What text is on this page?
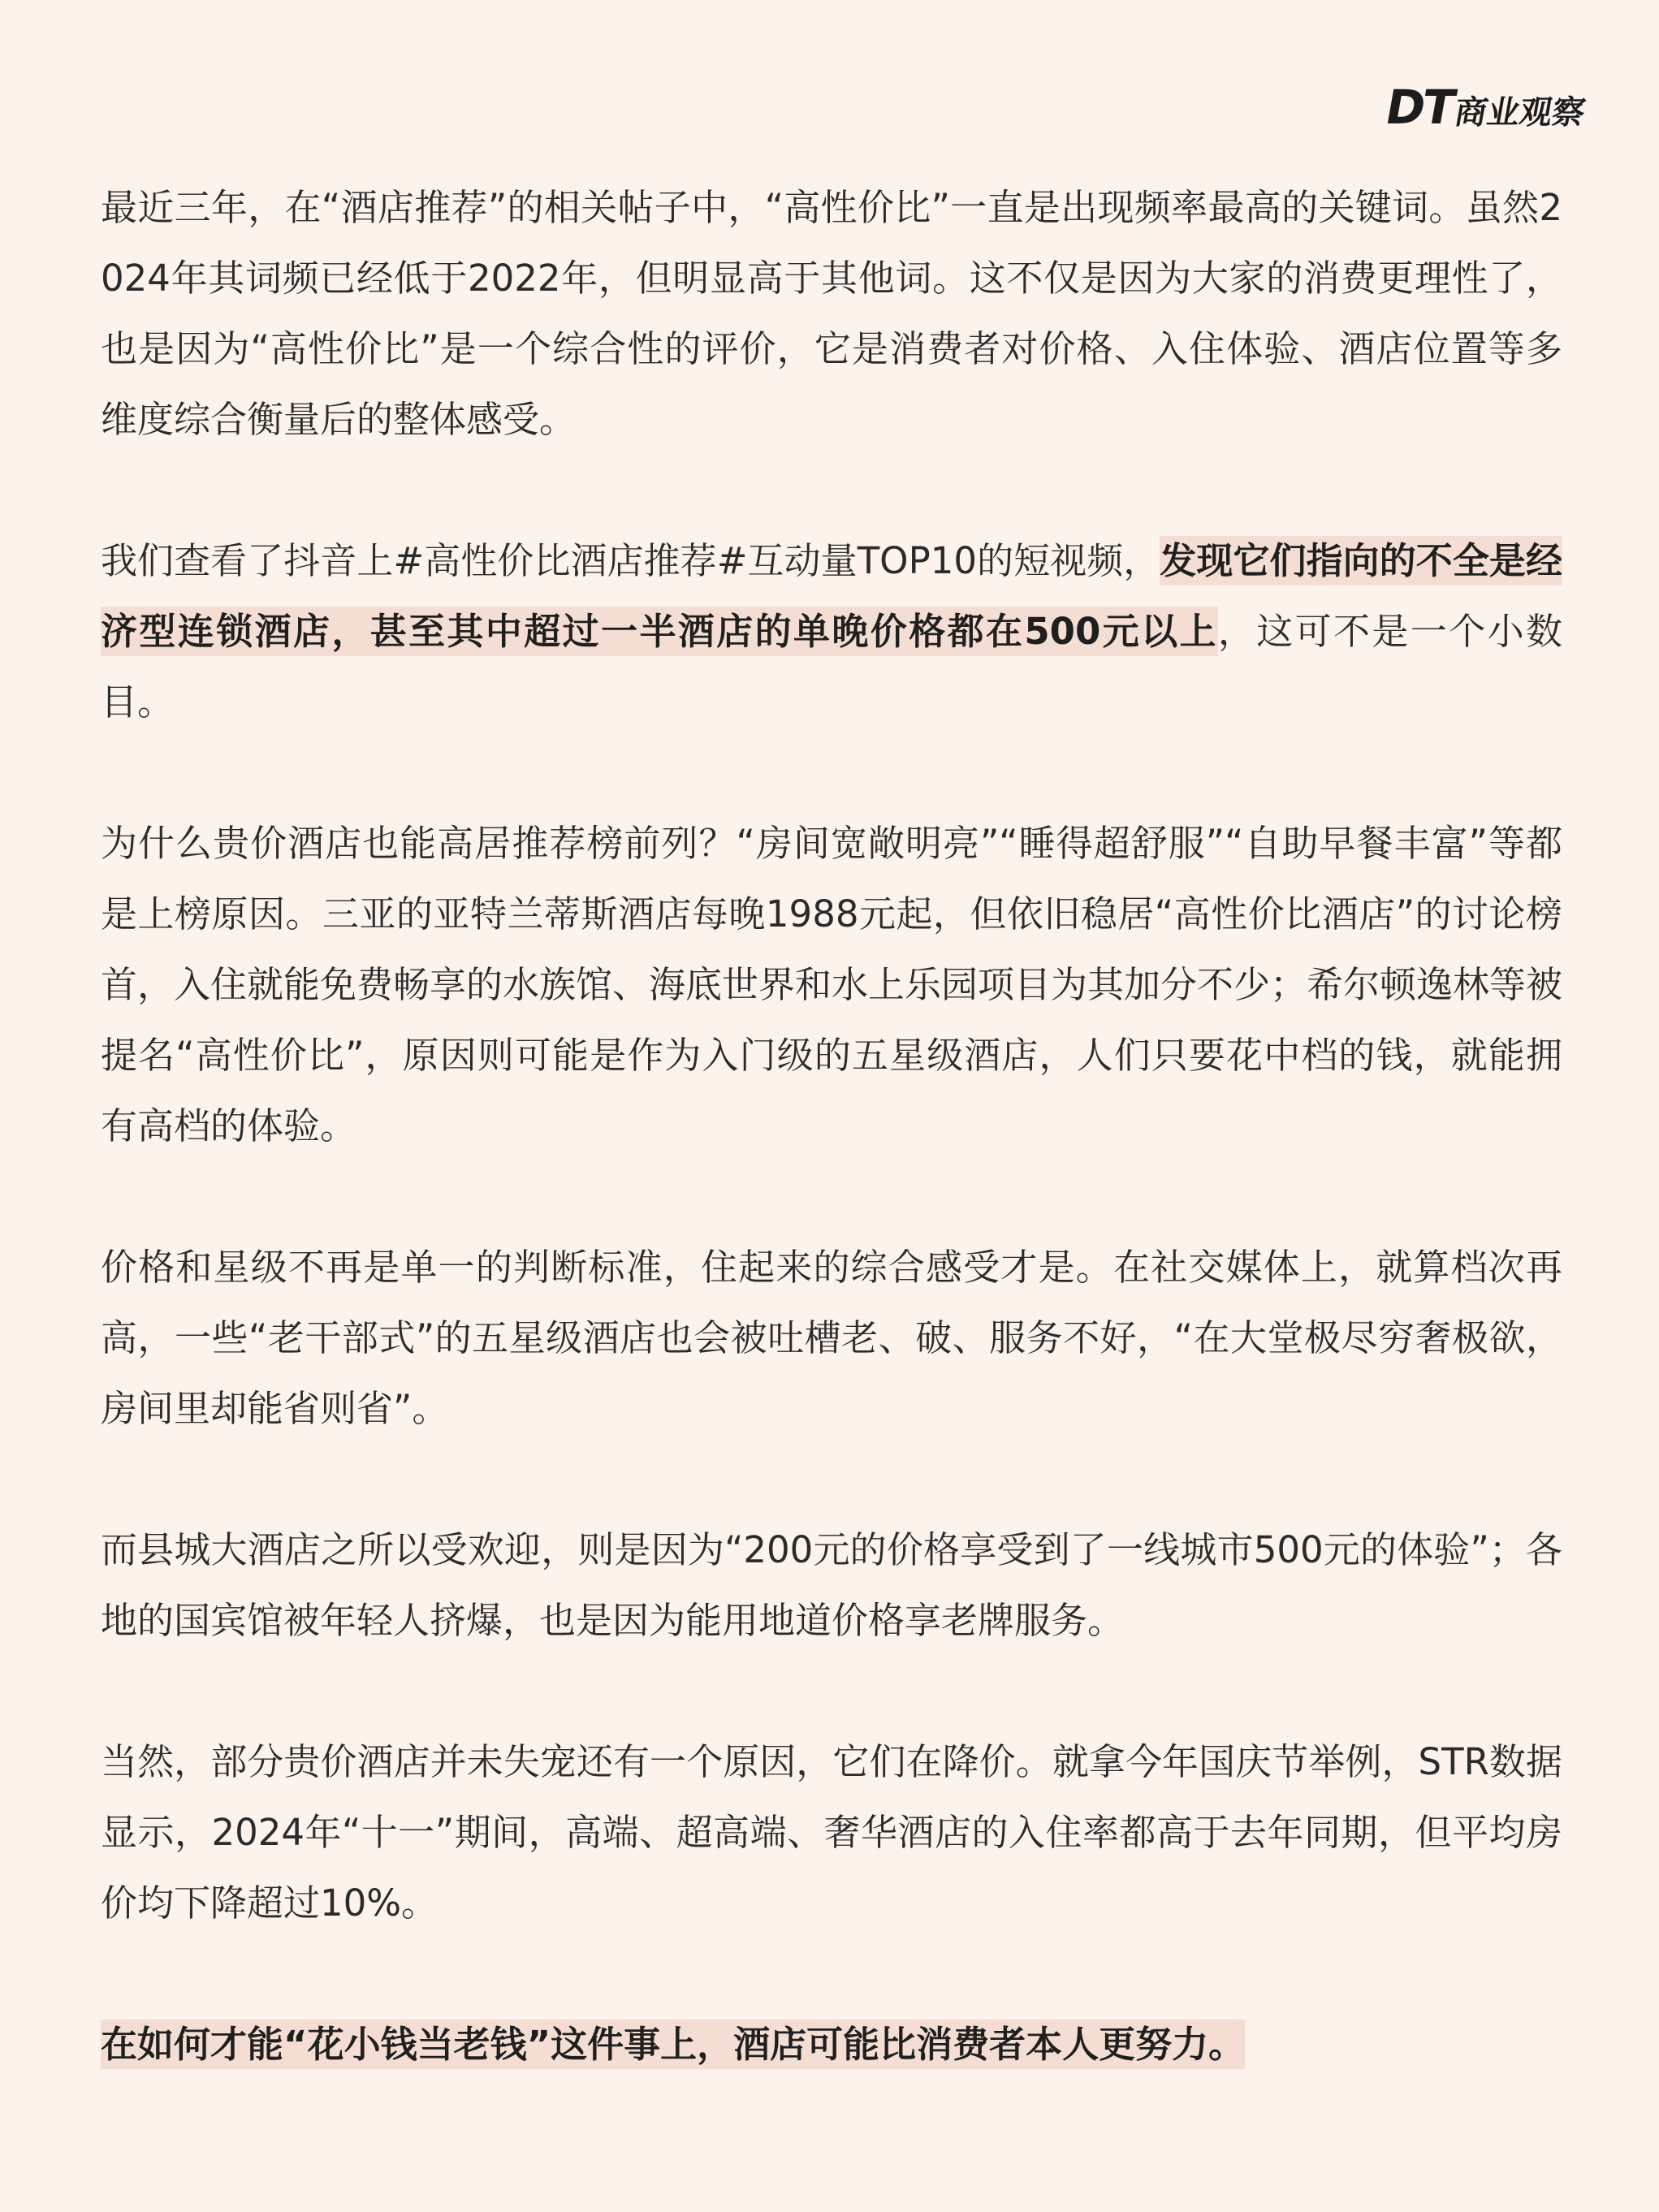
DT
商业观察

最近三年，在“酒店推荐”的相关帖子中，“高性价比”一直是出现频率最高的关键词。虽然2024年其词频已经低于2022年，但明显高于其他词。这不仅是因为大家的消费更理性了，也是因为“高性价比”是一个综合性的评价，它是消费者对价格、入住体验、酒店位置等多维度综合衡量后的整体感受。

我们查看了抖音上#高性价比酒店推荐#互动量TOP10的短视频，发现它们指向的不全是经济型连锁酒店，甚至其中超过一半酒店的单晚价格都在500元以上，这可不是一个小数目。

为什么贵价酒店也能高居推荐榜前列？“房间宽敞明亮”“睡得超舒服”“自助早餐丰富”等都是上榜原因。三亚的亚特兰蒂斯酒店每晚1988元起，但依旧稳居“高性价比酒店”的讨论榜首，入住就能免费畅享的水族馆、海底世界和水上乐园项目为其加分不少；希尔顿逸林等被提名“高性价比”，原因则可能是作为入门级的五星级酒店，人们只要花中档的钱，就能拥有高档的体验。

价格和星级不再是单一的判断标准，住起来的综合感受才是。在社交媒体上，就算档次再高，一些“老干部式”的五星级酒店也会被吐槽老、破、服务不好，“在大堂极尽穷奢极欲，房间里却能省则省”。

而县城大酒店之所以受欢迎，则是因为“200元的价格享受到了一线城市500元的体验”；各地的国宾馆被年轻人挤爆，也是因为能用地道价格享老牌服务。

当然，部分贵价酒店并未失宠还有一个原因，它们在降价。就拿今年国庆节举例，STR数据显示，2024年“十一”期间，高端、超高端、奢华酒店的入住率都高于去年同期，但平均房价均下降超过10%。

在如何才能“花小钱当老钱”这件事上，酒店可能比消费者本人更努力。
